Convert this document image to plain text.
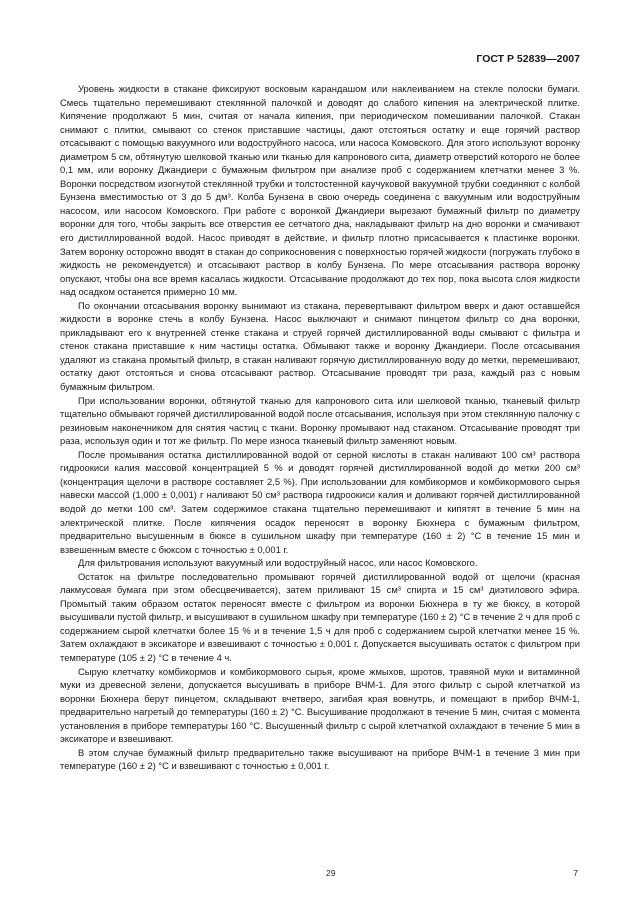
ГОСТ Р 52839—2007

Уровень жидкости в стакане фиксируют восковым карандашом или наклеиванием на стекле полоски бумаги. Смесь тщательно перемешивают стеклянной палочкой и доводят до слабого кипения на электрической плитке. Кипячение продолжают 5 мин, считая от начала кипения, при периодическом помешивании палочкой. Стакан снимают с плитки, смывают со стенок приставшие частицы, дают отстояться остатку и еще горячий раствор отсасывают с помощью вакуумного или водоструйного насоса, или насоса Комовского. Для этого используют воронку диаметром 5 см, обтянутую шелковой тканью или тканью для капронового сита, диаметр отверстий которого не более 0,1 мм, или воронку Джандиери с бумажным фильтром при анализе проб с содержанием клетчатки менее 3 %. Воронки посредством изогнутой стеклянной трубки и толстостенной каучуковой вакуумной трубки соединяют с колбой Бунзена вместимостью от 3 до 5 дм³. Колба Бунзена в свою очередь соединена с вакуумным или водоструйным насосом, или насосом Комовского. При работе с воронкой Джандиери вырезают бумажный фильтр по диаметру воронки для того, чтобы закрыть все отверстия ее сетчатого дна, накладывают фильтр на дно воронки и смачивают его дистиллированной водой. Насос приводят в действие, и фильтр плотно присасывается к пластинке воронки. Затем воронку осторожно вводят в стакан до соприкосновения с поверхностью горячей жидкости (погружать глубоко в жидкость не рекомендуется) и отсасывают раствор в колбу Бунзена. По мере отсасывания раствора воронку опускают, чтобы она все время касалась жидкости. Отсасывание продолжают до тех пор, пока высота слоя жидкости над осадком останется примерно 10 мм.

По окончании отсасывания воронку вынимают из стакана, перевертывают фильтром вверх и дают оставшейся жидкости в воронке стечь в колбу Бунзена. Насос выключают и снимают пинцетом фильтр со дна воронки, прикладывают его к внутренней стенке стакана и струей горячей дистиллированной воды смывают с фильтра и стенок стакана приставшие к ним частицы остатка. Обмывают также и воронку Джандиери. После отсасывания удаляют из стакана промытый фильтр, в стакан наливают горячую дистиллированную воду до метки, перемешивают, остатку дают отстояться и снова отсасывают раствор. Отсасывание проводят три раза, каждый раз с новым бумажным фильтром.

При использовании воронки, обтянутой тканью для капронового сита или шелковой тканью, тканевый фильтр тщательно обмывают горячей дистиллированной водой после отсасывания, используя при этом стеклянную палочку с резиновым наконечником для снятия частиц с ткани. Воронку промывают над стаканом. Отсасывание проводят три раза, используя один и тот же фильтр. По мере износа тканевый фильтр заменяют новым.

После промывания остатка дистиллированной водой от серной кислоты в стакан наливают 100 см³ раствора гидроокиси калия массовой концентрацией 5 % и доводят горячей дистиллированной водой до метки 200 см³ (концентрация щелочи в растворе составляет 2,5 %). При использовании для комбикормов и комбикормового сырья навески массой (1,000 ± 0,001) г наливают 50 см³ раствора гидроокиси калия и доливают горячей дистиллированной водой до метки 100 см³. Затем содержимое стакана тщательно перемешивают и кипятят в течение 5 мин на электрической плитке. После кипячения осадок переносят в воронку Бюхнера с бумажным фильтром, предварительно высушенным в бюксе в сушильном шкафу при температуре (160 ± 2) °С в течение 15 мин и взвешенным вместе с бюксом с точностью ± 0,001 г.

Для фильтрования используют вакуумный или водоструйный насос, или насос Комовского.

Остаток на фильтре последовательно промывают горячей дистиллированной водой от щелочи (красная лакмусовая бумага при этом обесцвечивается), затем приливают 15 см³ спирта и 15 см³ диэтилового эфира. Промытый таким образом остаток переносят вместе с фильтром из воронки Бюхнера в ту же бюксу, в которой высушивали пустой фильтр, и высушивают в сушильном шкафу при температуре (160 ± 2) °С в течение 2 ч для проб с содержанием сырой клетчатки более 15 % и в течение 1,5 ч для проб с содержанием сырой клетчатки менее 15 %. Затем охлаждают в эксикаторе и взвешивают с точностью ± 0,001 г. Допускается высушивать остаток с фильтром при температуре (105 ± 2) °С в течение 4 ч.

Сырую клетчатку комбикормов и комбикормового сырья, кроме жмыхов, шротов, травяной муки и витаминной муки из древесной зелени, допускается высушивать в приборе ВЧМ-1. Для этого фильтр с сырой клетчаткой из воронки Бюхнера берут пинцетом, складывают вчетверо, загибая края вовнутрь, и помещают в прибор ВЧМ-1, предварительно нагретый до температуры (160 ± 2) °С. Высушивание продолжают в течение 5 мин, считая с момента установления в приборе температуры 160 °С. Высушенный фильтр с сырой клетчаткой охлаждают в течение 5 мин в эксикаторе и взвешивают.

В этом случае бумажный фильтр предварительно также высушивают на приборе ВЧМ-1 в течение 3 мин при температуре (160 ± 2) °С и взвешивают с точностью ± 0,001 г.

29	7
